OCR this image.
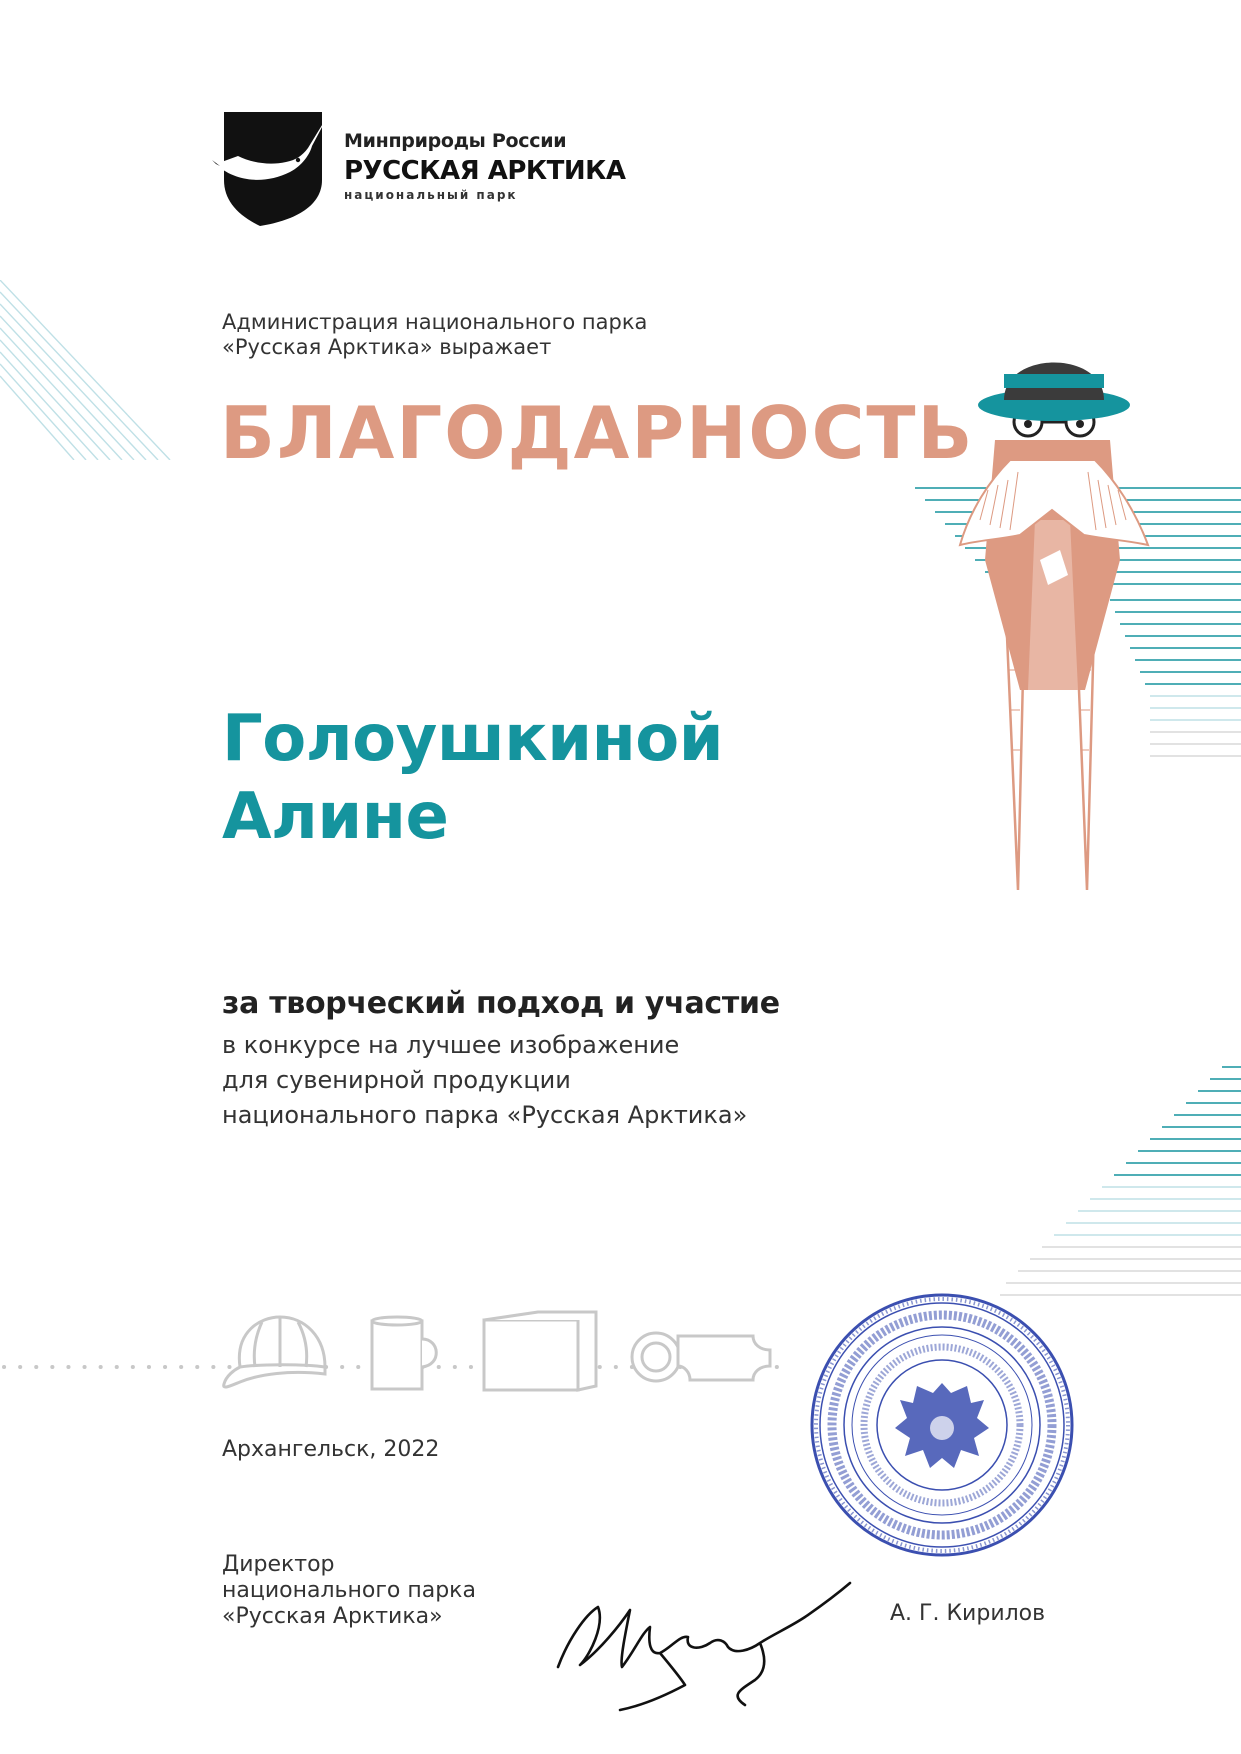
Минприроды России
РУССКАЯ АРКТИКА
национальный парк
Администрация национального парка
«Русская Арктика» выражает
БЛАГОДАРНОСТЬ
Голоушкиной
Алине
за творческий подход и участие
в конкурсе на лучшее изображение
для сувенирной продукции
национального парка «Русская Арктика»
Архангельск, 2022
Директор
национального парка
«Русская Арктика»	А. Г. Кирилов
